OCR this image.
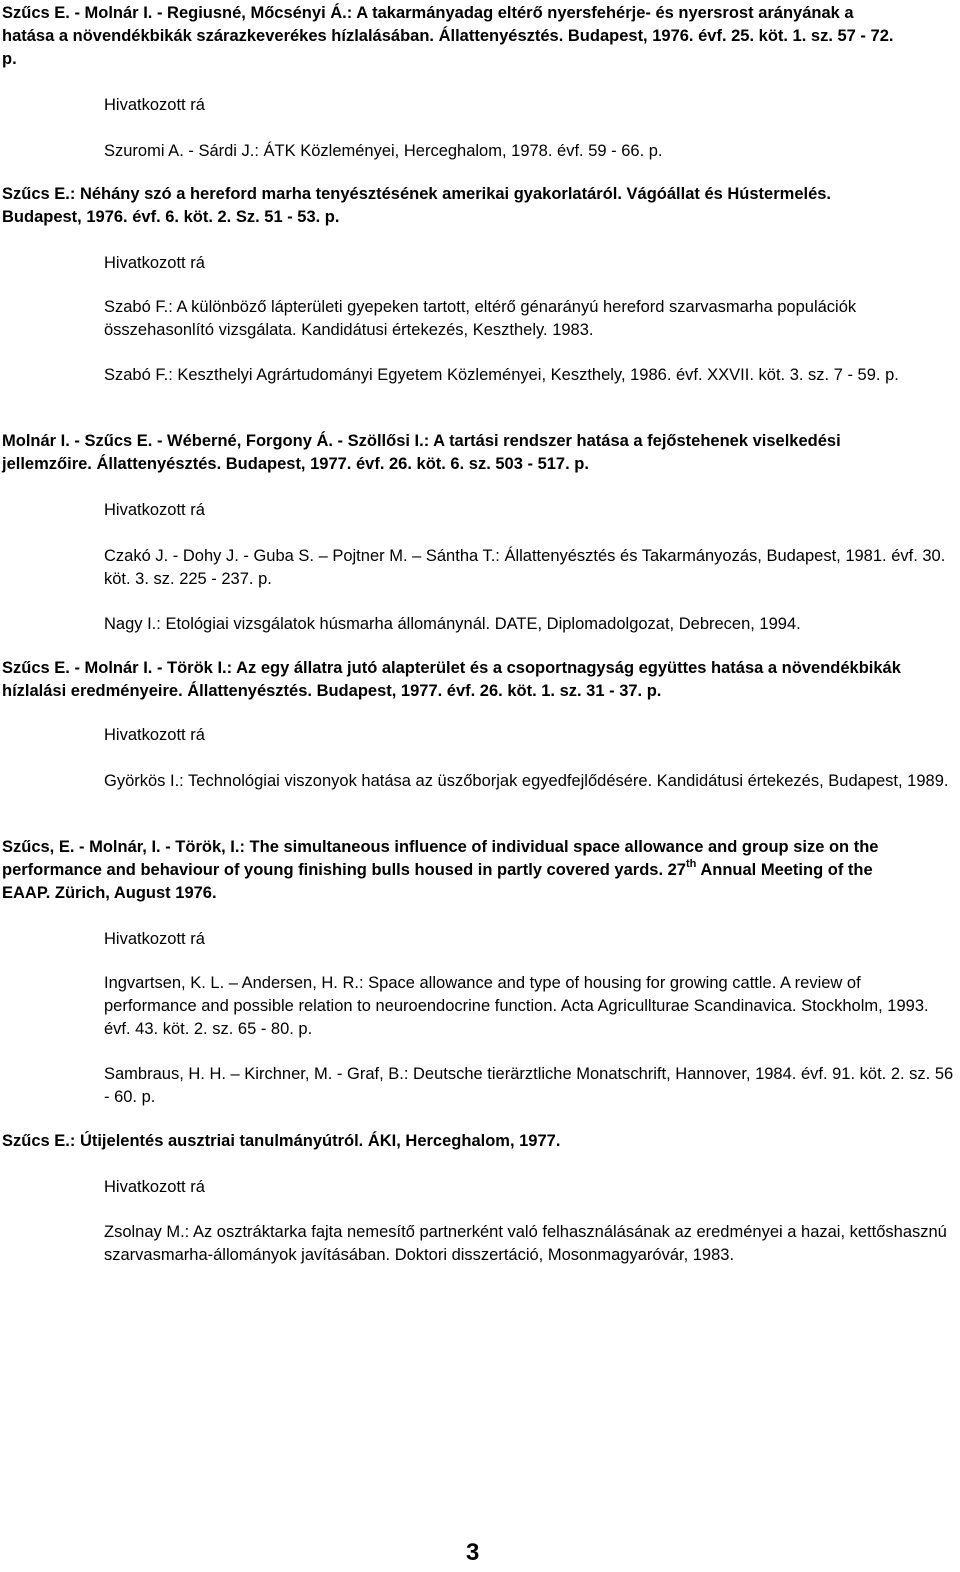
Szűcs E. - Molnár I. - Regiusné, Mőcsényi Á.: A takarmányadag eltérő nyersfehérje- és nyersrost arányának a hatása a növendékbikák szárazkeverékes hízlalásában. Állattenyésztés. Budapest, 1976. évf. 25. köt. 1. sz. 57 - 72. p.
Hivatkozott rá
Szuromi A. - Sárdi J.: ÁTK Közleményei, Herceghalom, 1978. évf. 59 - 66. p.
Szűcs E.: Néhány szó a hereford marha tenyésztésének amerikai gyakorlatáról. Vágóállat és Hústermelés. Budapest, 1976. évf. 6. köt. 2. Sz. 51 - 53. p.
Hivatkozott rá
Szabó F.: A különböző lápterületi gyepeken tartott, eltérő génarányú hereford szarvasmarha populációk összehasonlító vizsgálata. Kandidátusi értekezés, Keszthely. 1983.
Szabó F.: Keszthelyi Agrártudományi Egyetem Közleményei, Keszthely, 1986. évf. XXVII. köt. 3. sz. 7 - 59. p.
Molnár I. - Szűcs E. - Wéberné, Forgony Á. - Szöllősi I.: A tartási rendszer hatása a fejőstehenek viselkedési jellemzőire. Állattenyésztés. Budapest, 1977. évf. 26. köt. 6. sz. 503 - 517. p.
Hivatkozott rá
Czakó J. - Dohy J. - Guba S. – Pojtner M. – Sántha T.: Állattenyésztés és Takarmányozás, Budapest, 1981. évf. 30. köt. 3. sz. 225 - 237. p.
Nagy I.: Etológiai vizsgálatok húsmarha állománynál. DATE, Diplomadolgozat, Debrecen, 1994.
Szűcs E. - Molnár I. - Török I.: Az egy állatra jutó alapterület és a csoportnagyság együttes hatása a növendékbikák hízlalási eredményeire. Állattenyésztés. Budapest, 1977. évf. 26. köt. 1. sz. 31 - 37. p.
Hivatkozott rá
Györkös I.: Technológiai viszonyok hatása az üszőborjak egyedfejlődésére. Kandidátusi értekezés, Budapest, 1989.
Szűcs, E. - Molnár, I. - Török, I.: The simultaneous influence of individual space allowance and group size on the performance and behaviour of young finishing bulls housed in partly covered yards. 27th Annual Meeting of the EAAP. Zürich, August 1976.
Hivatkozott rá
Ingvartsen, K. L. – Andersen, H. R.: Space allowance and type of housing for growing cattle. A review of performance and possible relation to neuroendocrine function. Acta Agricullturae Scandinavica. Stockholm, 1993. évf. 43. köt. 2. sz. 65 - 80. p.
Sambraus, H. H. – Kirchner, M. - Graf, B.: Deutsche tierärztliche Monatschrift, Hannover, 1984. évf. 91. köt. 2. sz. 56 - 60. p.
Szűcs E.: Útijelentés ausztriai tanulmányútról. ÁKI, Herceghalom, 1977.
Hivatkozott rá
Zsolnay M.: Az osztráktarka fajta nemesítő partnerként való felhasználásának az eredményei a hazai, kettőshasznú szarvasmarha-állományok javításában. Doktori disszertáció, Mosonmagyaróvár, 1983.
3
